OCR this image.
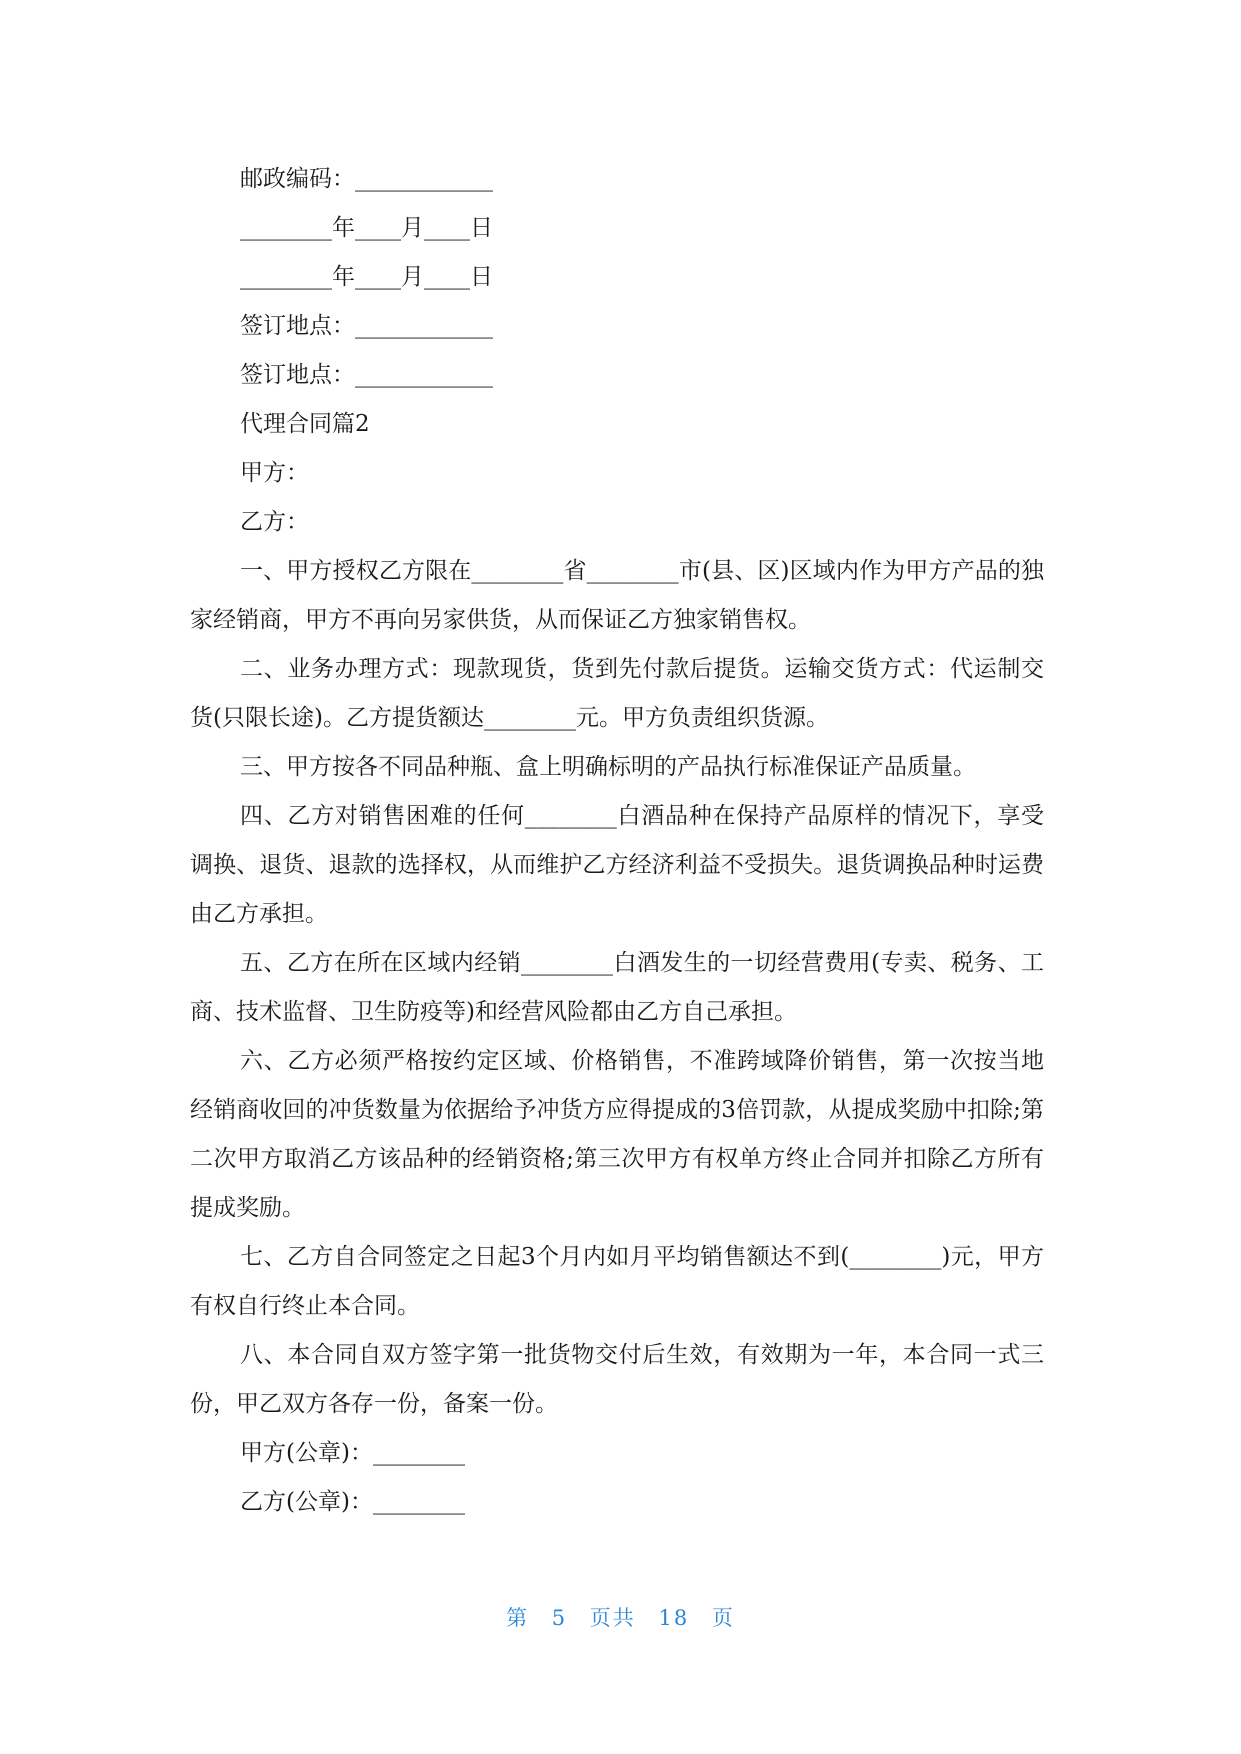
邮政编码：____________

________年____月____日

________年____月____日

签订地点：____________

签订地点：____________

代理合同篇2

甲方：

乙方：

一、甲方授权乙方限在________省________市(县、区)区域内作为甲方产品的独家经销商，甲方不再向另家供货，从而保证乙方独家销售权。

二、业务办理方式：现款现货，货到先付款后提货。运输交货方式：代运制交货(只限长途)。乙方提货额达________元。甲方负责组织货源。

三、甲方按各不同品种瓶、盒上明确标明的产品执行标准保证产品质量。

四、乙方对销售困难的任何________白酒品种在保持产品原样的情况下，享受调换、退货、退款的选择权，从而维护乙方经济利益不受损失。退货调换品种时运费由乙方承担。

五、乙方在所在区域内经销________白酒发生的一切经营费用(专卖、税务、工商、技术监督、卫生防疫等)和经营风险都由乙方自己承担。

六、乙方必须严格按约定区域、价格销售，不准跨域降价销售，第一次按当地经销商收回的冲货数量为依据给予冲货方应得提成的3倍罚款，从提成奖励中扣除;第二次甲方取消乙方该品种的经销资格;第三次甲方有权单方终止合同并扣除乙方所有提成奖励。

七、乙方自合同签定之日起3个月内如月平均销售额达不到(________)元，甲方有权自行终止本合同。

八、本合同自双方签字第一批货物交付后生效，有效期为一年，本合同一式三份，甲乙双方各存一份，备案一份。

甲方(公章)：________

乙方(公章)：________

第 5 页共 18 页
